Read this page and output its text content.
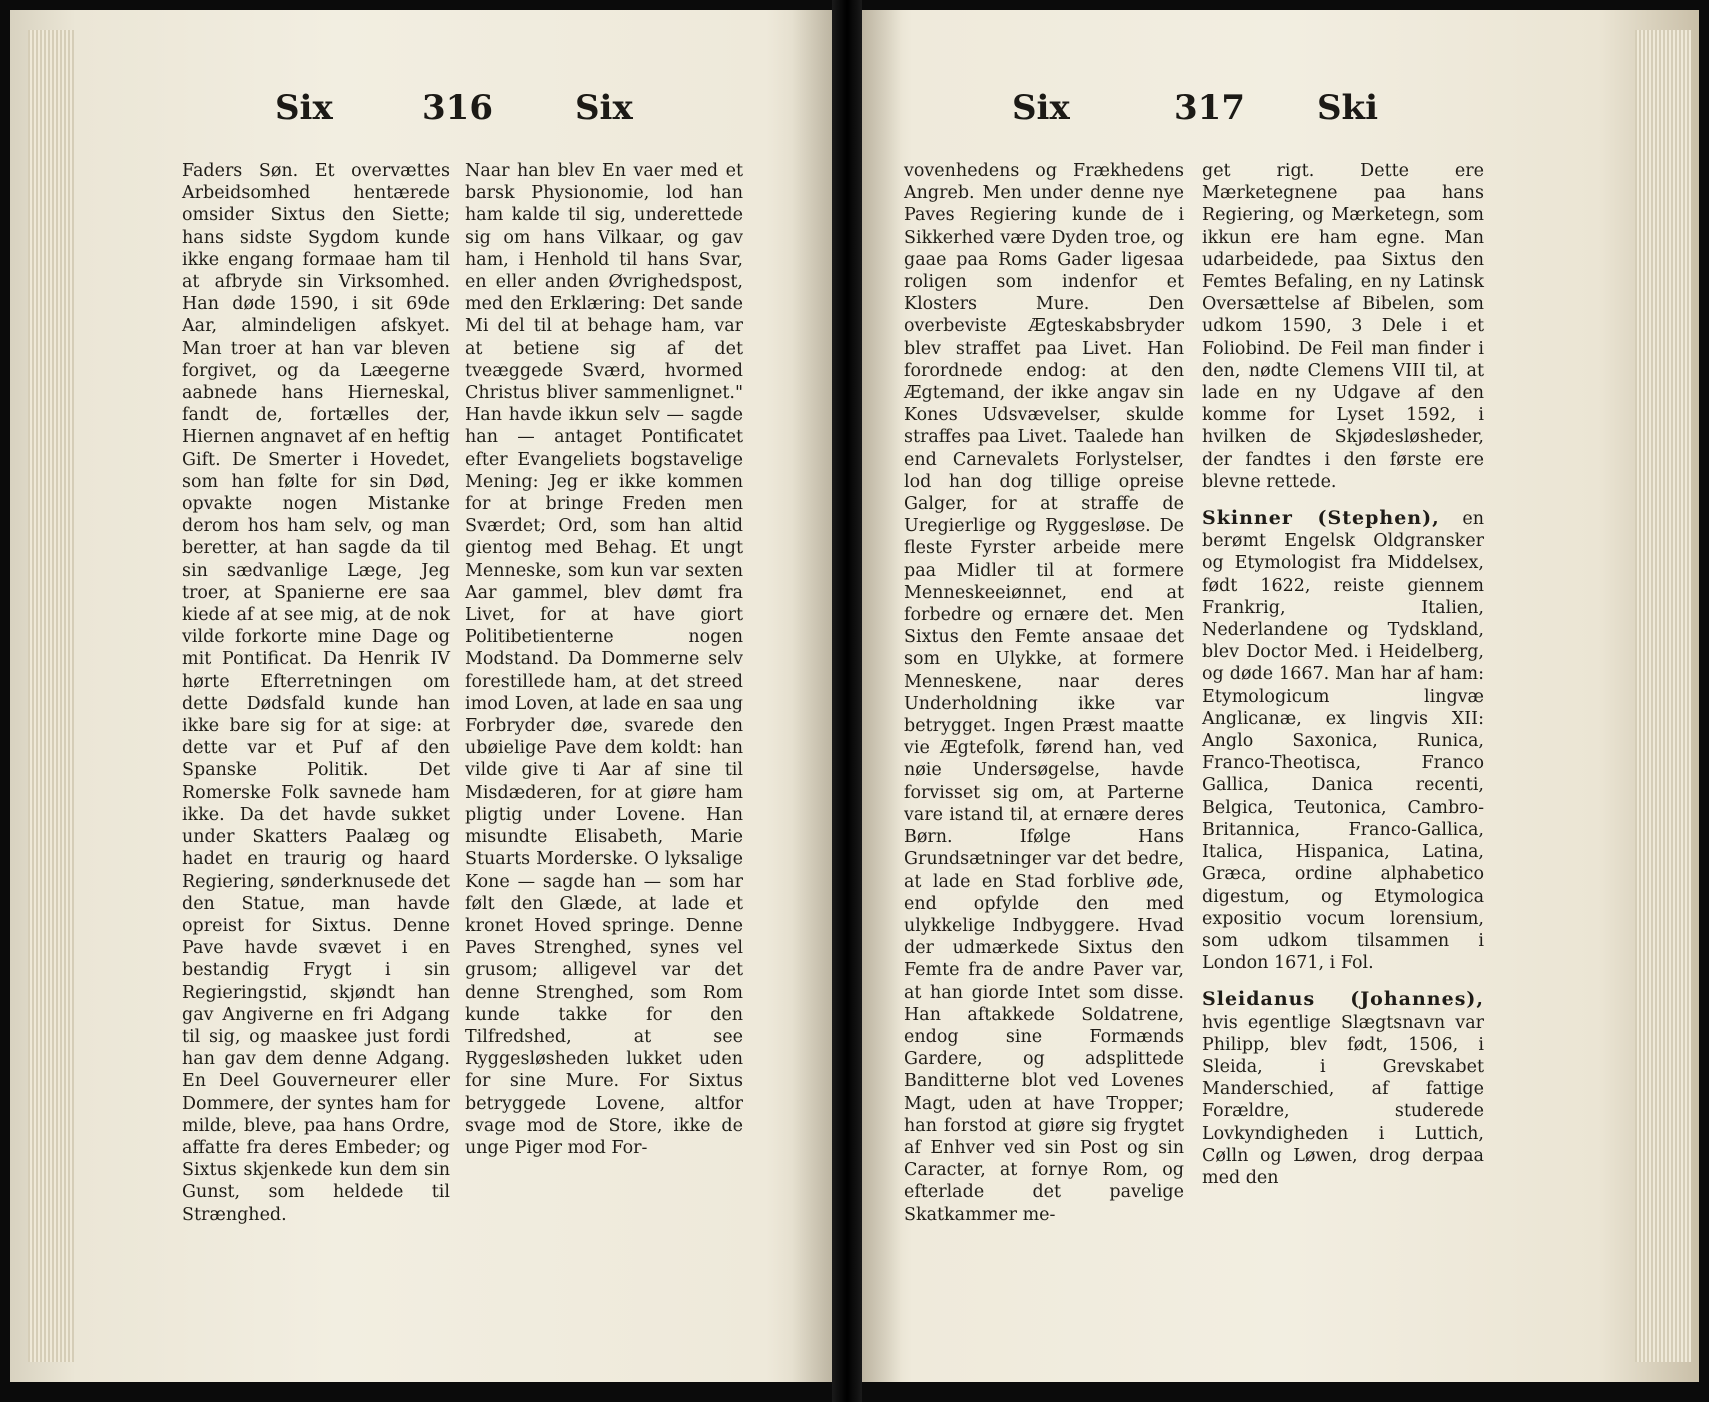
Six	316 Six

Faders Søn. Et overvættes Arbeidsomhed hentærede omsider Sixtus den Siette; hans sidste Sygdom kunde ikke engang formaae ham til at afbryde sin Virksomhed. Han døde 1590, i sit 69de Aar, almindeligen afskyet. Man troer at han var bleven forgivet, og da Læegerne aabnede hans Hierneskal, fandt de, fortælles der, Hiernen angnavet af en heftig Gift. De Smerter i Hovedet, som han følte for sin Død, opvakte nogen Mistanke derom hos ham selv, og man beretter, at han sagde da til sin sædvanlige Læge, Jeg troer, at Spanierne ere saa kiede af at see mig, at de nok vilde forkorte mine Dage og mit Pontificat. Da Henrik IV hørte Efterretningen om dette Dødsfald kunde han ikke bare sig for at sige: at dette var et Puf af den Spanske Politik. Det Romerske Folk savnede ham ikke. Da det havde sukket under Skatters Paalæg og hadet en traurig og haard Regiering, sønderknusede det den Statue, man havde opreist for Sixtus. Denne Pave havde svævet i en bestandig Frygt i sin Regieringstid, skjøndt han gav Angiverne en fri Adgang til sig, og maaskee just fordi han gav dem denne Adgang. En Deel Gouverneurer eller Dommere, der syntes ham for milde, bleve, paa hans Ordre, affatte fra deres Embeder; og Sixtus skjenkede kun dem sin Gunst, som heldede til Strænghed.

Naar han blev En vaer med et barsk Physionomie, lod han ham kalde til sig, underettede sig om hans Vilkaar, og gav ham, i Henhold til hans Svar, en eller anden Øvrighedspost, med den Erklæring: Det sande Mi del til at behage ham, var at betiene sig af det tveæggede Sværd, hvormed Christus bliver sammenlignet." Han havde ikkun selv — sagde han — antaget Pontificatet efter Evangeliets bogstavelige Mening: Jeg er ikke kommen for at bringe Freden men Sværdet; Ord, som han altid gientog med Behag. Et ungt Menneske, som kun var sexten Aar gammel, blev dømt fra Livet, for at have giort Politibetienterne nogen Modstand. Da Dommerne selv forestillede ham, at det streed imod Loven, at lade en saa ung Forbryder døe, svarede den ubøielige Pave dem koldt: han vilde give ti Aar af sine til Misdæderen, for at giøre ham pligtig under Lovene. Han misundte Elisabeth, Marie Stuarts Morderske. O lyksalige Kone — sagde han — som har følt den Glæde, at lade et kronet Hoved springe. Denne Paves Strenghed, synes vel grusom; alligevel var det denne Strenghed, som Rom kunde takke for den Tilfredshed, at see Ryggesløsheden lukket uden for sine Mure. For Sixtus betryggede Lovene, altfor svage mod de Store, ikke de unge Piger mod For-

Six	317 Ski

vovenhedens og Frækhedens Angreb. Men under denne nye Paves Regiering kunde de i Sikkerhed være Dyden troe, og gaae paa Roms Gader ligesaa roligen som indenfor et Klosters Mure. Den overbeviste Ægteskabsbryder blev straffet paa Livet. Han forordnede endog: at den Ægtemand, der ikke angav sin Kones Udsvævelser, skulde straffes paa Livet. Taalede han end Carnevalets Forlystelser, lod han dog tillige opreise Galger, for at straffe de Uregierlige og Ryggesløse. De fleste Fyrster arbeide mere paa Midler til at formere Menneskeeiønnet, end at forbedre og ernære det. Men Sixtus den Femte ansaae det som en Ulykke, at formere Menneskene, naar deres Underholdning ikke var betrygget. Ingen Præst maatte vie Ægtefolk, førend han, ved nøie Undersøgelse, havde forvisset sig om, at Parterne vare istand til, at ernære deres Børn. Ifølge Hans Grundsætninger var det bedre, at lade en Stad forblive øde, end opfylde den med ulykkelige Indbyggere. Hvad der udmærkede Sixtus den Femte fra de andre Paver var, at han giorde Intet som disse. Han aftakkede Soldatrene, endog sine Formænds Gardere, og adsplittede Banditterne blot ved Lovenes Magt, uden at have Tropper; han forstod at giøre sig frygtet af Enhver ved sin Post og sin Caracter, at fornye Rom, og efterlade det pavelige Skatkammer me-

get rigt. Dette ere Mærketegnene paa hans Regiering, og Mærketegn, som ikkun ere ham egne. Man udarbeidede, paa Sixtus den Femtes Befaling, en ny Latinsk Oversættelse af Bibelen, som udkom 1590, 3 Dele i et Foliobind. De Feil man finder i den, nødte Clemens VIII til, at lade en ny Udgave af den komme for Lyset 1592, i hvilken de Skjødesløsheder, der fandtes i den første ere blevne rettede.

Skinner (Stephen), en berømt Engelsk Oldgransker og Etymologist fra Middelsex, født 1622, reiste giennem Frankrig, Italien, Nederlandene og Tydskland, blev Doctor Med. i Heidelberg, og døde 1667. Man har af ham: Etymologicum lingvæ Anglicanæ, ex lingvis XII: Anglo Saxonica, Runica, Franco-Theotisca, Franco Gallica, Danica recenti, Belgica, Teutonica, Cambro-Britannica, Franco-Gallica, Italica, Hispanica, Latina, Græca, ordine alphabetico digestum, og Etymologica expositio vocum lorensium, som udkom tilsammen i London 1671, i Fol.

Sleidanus (Johannes), hvis egentlige Slægtsnavn var Philipp, blev født, 1506, i Sleida, i Grevskabet Manderschied, af fattige Forældre, studerede Lovkyndigheden i Luttich, Cølln og Løwen, drog derpaa med den
